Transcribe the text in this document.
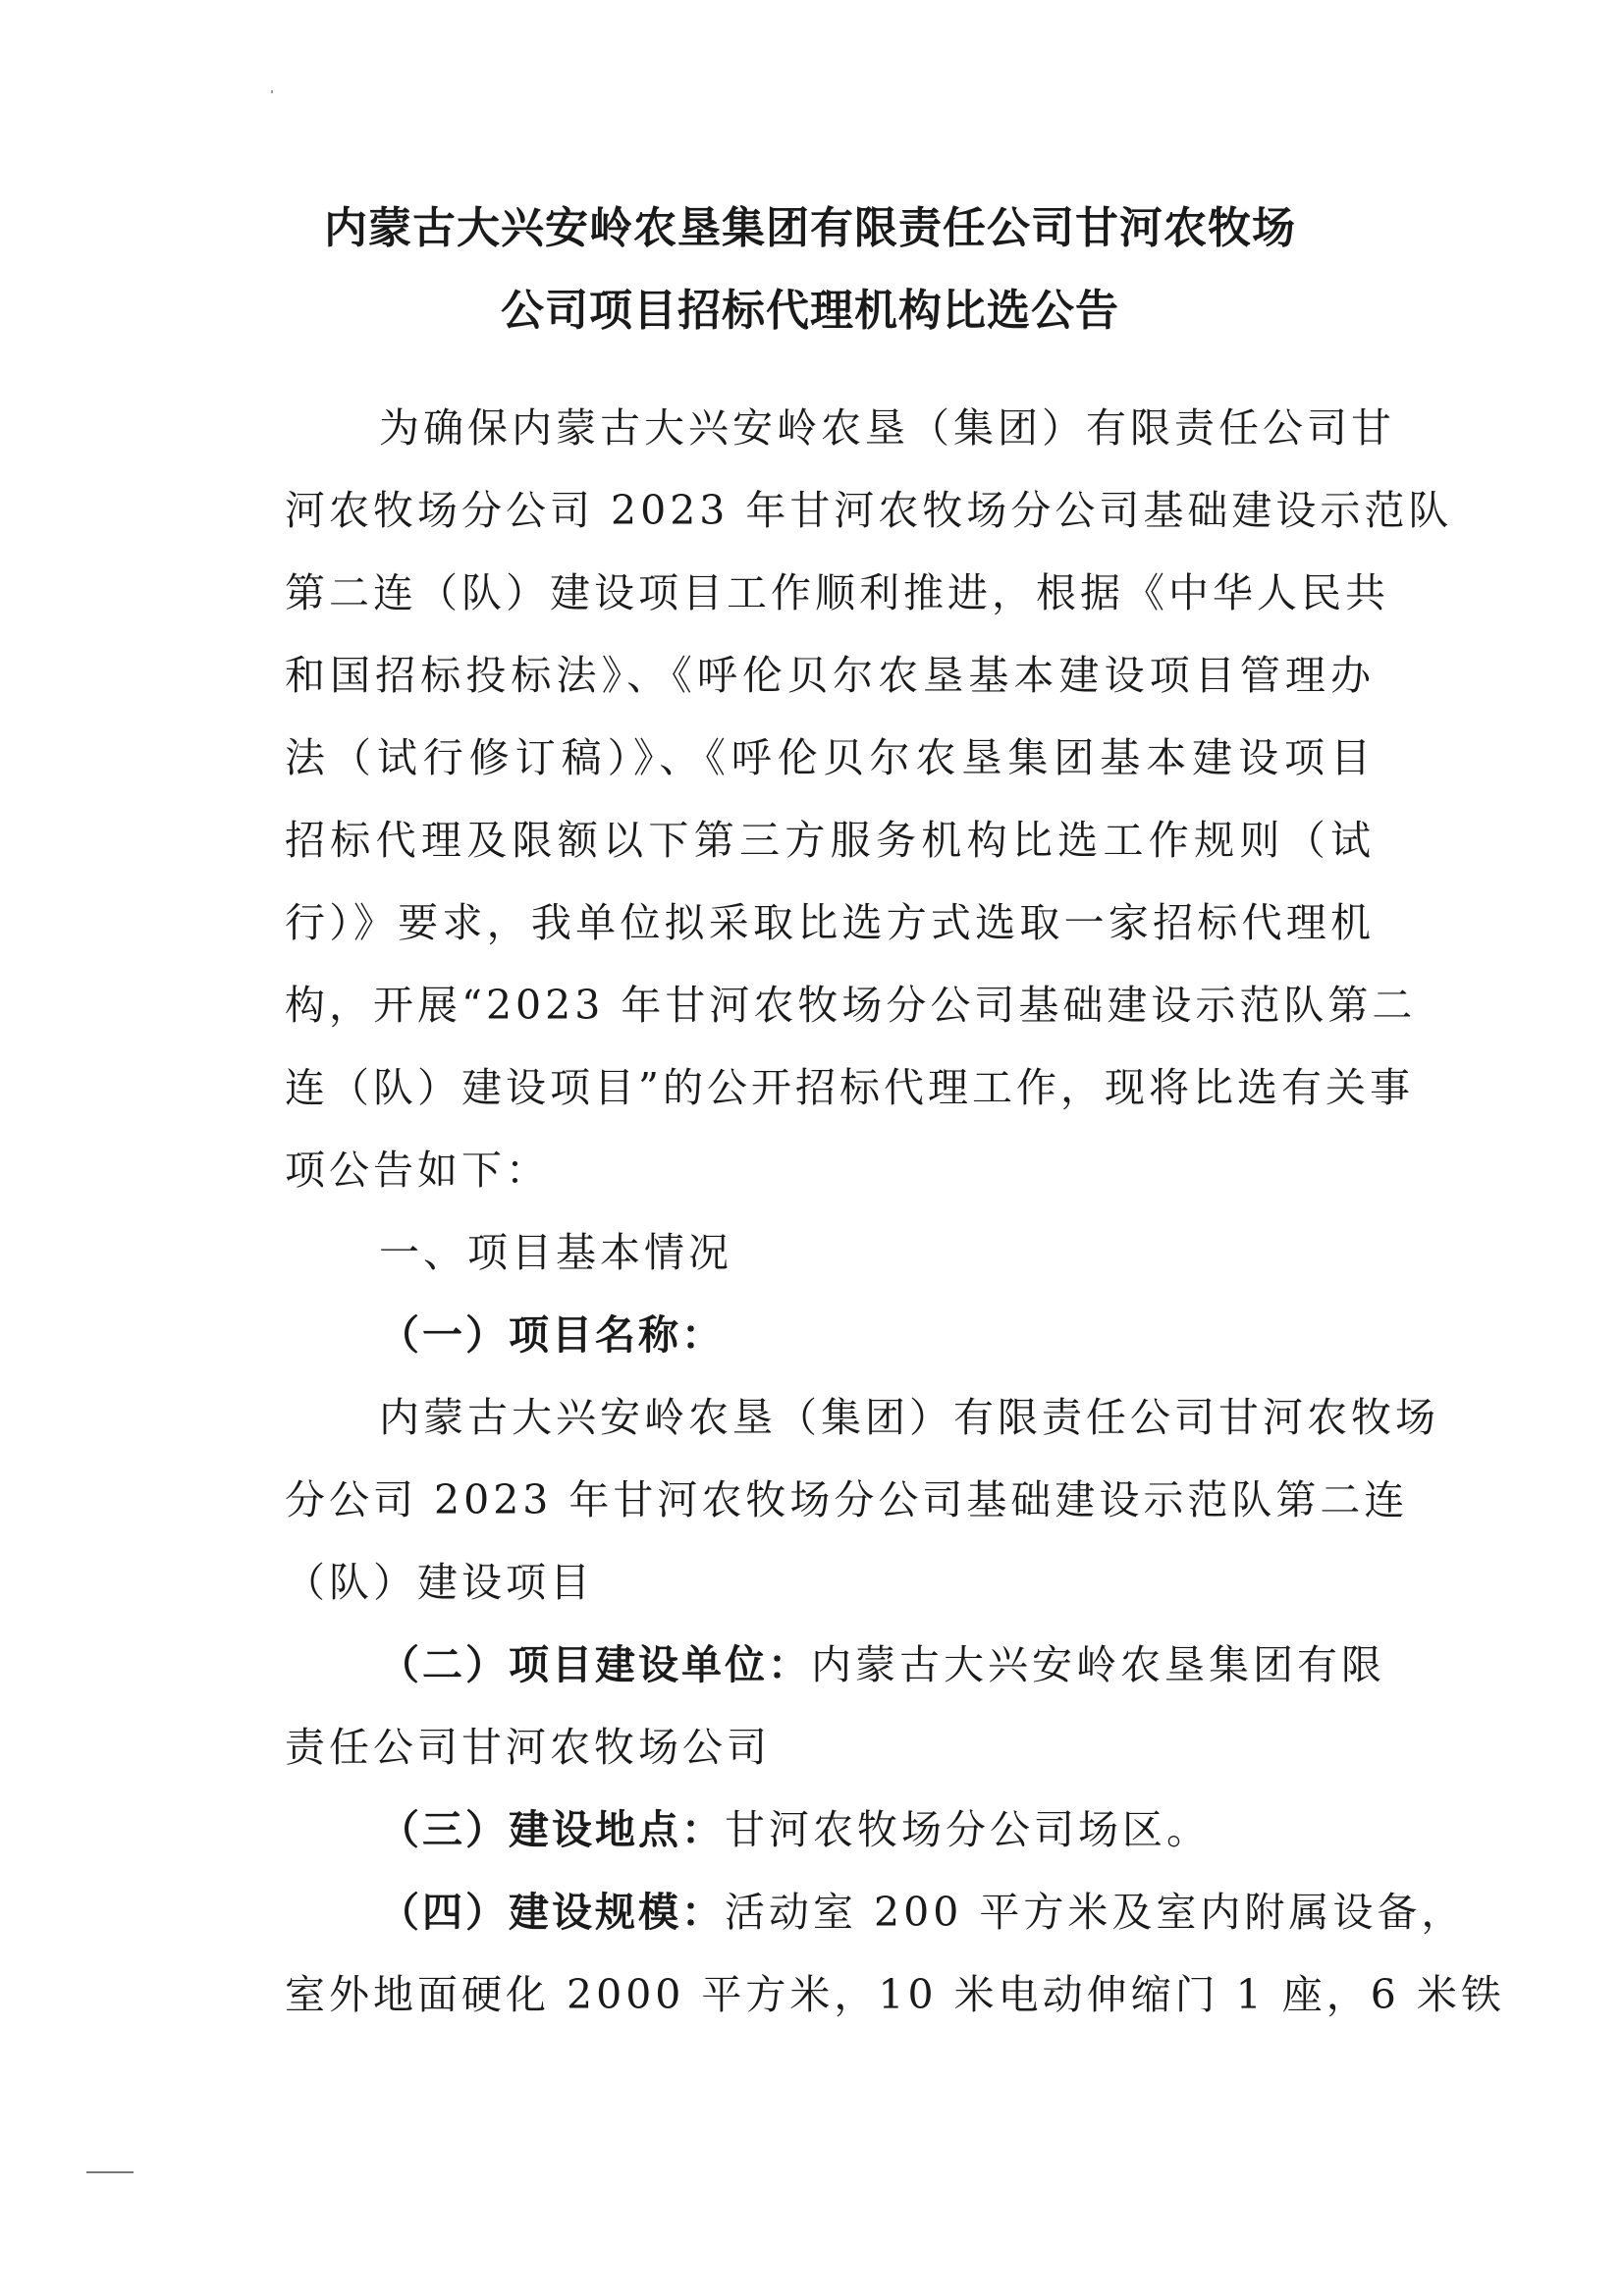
内蒙古大兴安岭农垦集团有限责任公司甘河农牧场
公司项目招标代理机构比选公告
为确保内蒙古大兴安岭农垦（集团）有限责任公司甘
河农牧场分公司 2023 年甘河农牧场分公司基础建设示范队
第二连（队）建设项目工作顺利推进，根据《中华人民共
和国招标投标法》、《呼伦贝尔农垦基本建设项目管理办
法（试行修订稿）》、《呼伦贝尔农垦集团基本建设项目
招标代理及限额以下第三方服务机构比选工作规则（试
行）》要求，我单位拟采取比选方式选取一家招标代理机
构，开展“2023 年甘河农牧场分公司基础建设示范队第二
连（队）建设项目”的公开招标代理工作，现将比选有关事
项公告如下：
一、项目基本情况
（一）项目名称：
内蒙古大兴安岭农垦（集团）有限责任公司甘河农牧场
分公司 2023 年甘河农牧场分公司基础建设示范队第二连
（队）建设项目
（二）项目建设单位：内蒙古大兴安岭农垦集团有限
责任公司甘河农牧场公司
（三）建设地点：甘河农牧场分公司场区。
（四）建设规模：活动室 200 平方米及室内附属设备，
室外地面硬化 2000 平方米，10 米电动伸缩门 1 座，6 米铁
